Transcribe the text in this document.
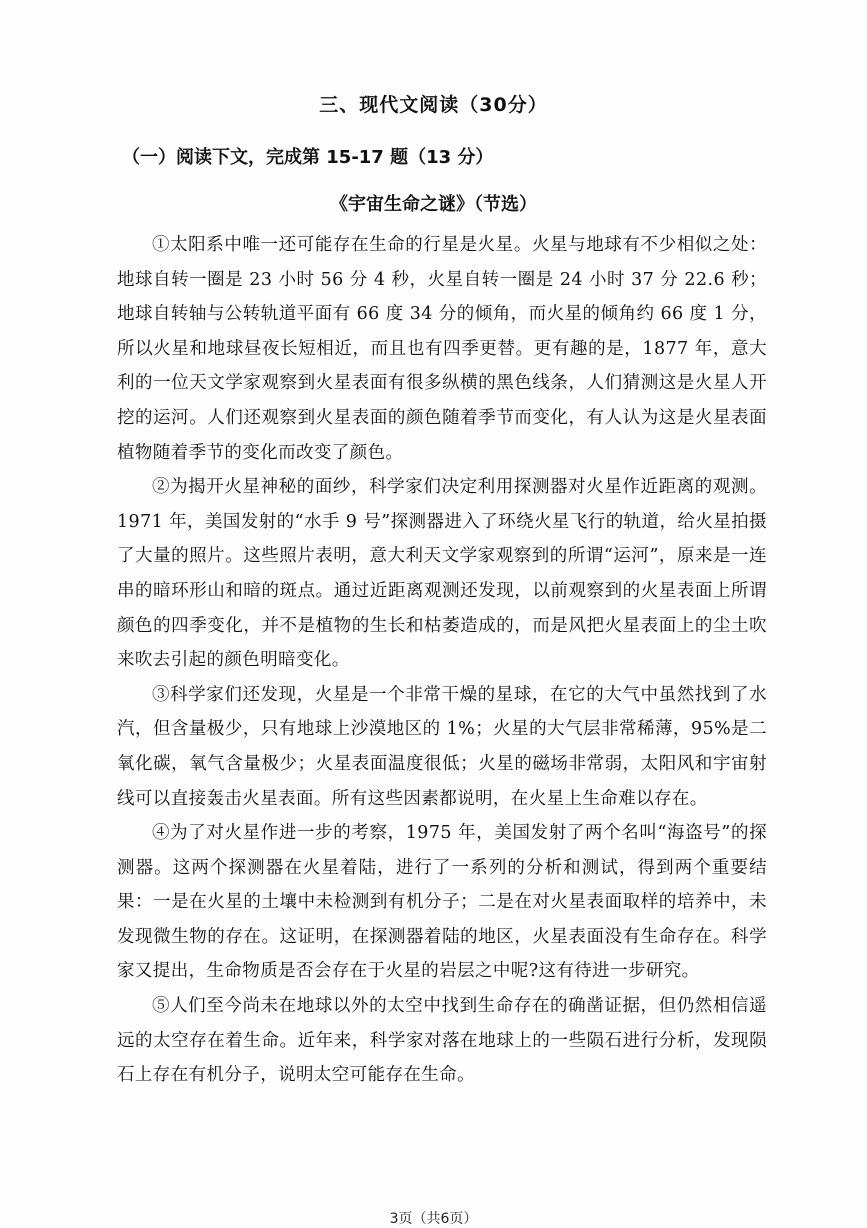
三、现代文阅读（30分）
（一）阅读下文，完成第 15-17 题（13 分）
《宇宙生命之谜》（节选）

①太阳系中唯一还可能存在生命的行星是火星。火星与地球有不少相似之处：地球自转一圈是 23 小时 56 分 4 秒，火星自转一圈是 24 小时 37 分 22.6 秒；地球自转轴与公转轨道平面有 66 度 34 分的倾角，而火星的倾角约 66 度 1 分，所以火星和地球昼夜长短相近，而且也有四季更替。更有趣的是，1877 年，意大利的一位天文学家观察到火星表面有很多纵横的黑色线条，人们猜测这是火星人开挖的运河。人们还观察到火星表面的颜色随着季节而变化，有人认为这是火星表面植物随着季节的变化而改变了颜色。

②为揭开火星神秘的面纱，科学家们决定利用探测器对火星作近距离的观测。1971 年，美国发射的“水手 9 号”探测器进入了环绕火星飞行的轨道，给火星拍摄了大量的照片。这些照片表明，意大利天文学家观察到的所谓“运河”，原来是一连串的暗环形山和暗的斑点。通过近距离观测还发现，以前观察到的火星表面上所谓颜色的四季变化，并不是植物的生长和枯萎造成的，而是风把火星表面上的尘土吹来吹去引起的颜色明暗变化。

③科学家们还发现，火星是一个非常干燥的星球，在它的大气中虽然找到了水汽，但含量极少，只有地球上沙漠地区的 1%；火星的大气层非常稀薄，95%是二氧化碳，氧气含量极少；火星表面温度很低；火星的磁场非常弱，太阳风和宇宙射线可以直接轰击火星表面。所有这些因素都说明，在火星上生命难以存在。

④为了对火星作进一步的考察，1975 年，美国发射了两个名叫“海盗号”的探测器。这两个探测器在火星着陆，进行了一系列的分析和测试，得到两个重要结果：一是在火星的土壤中未检测到有机分子；二是在对火星表面取样的培养中，未发现微生物的存在。这证明，在探测器着陆的地区，火星表面没有生命存在。科学家又提出，生命物质是否会存在于火星的岩层之中呢?这有待进一步研究。

⑤人们至今尚未在地球以外的太空中找到生命存在的确凿证据，但仍然相信遥远的太空存在着生命。近年来，科学家对落在地球上的一些陨石进行分析，发现陨石上存在有机分子，说明太空可能存在生命。

3页（共6页）
